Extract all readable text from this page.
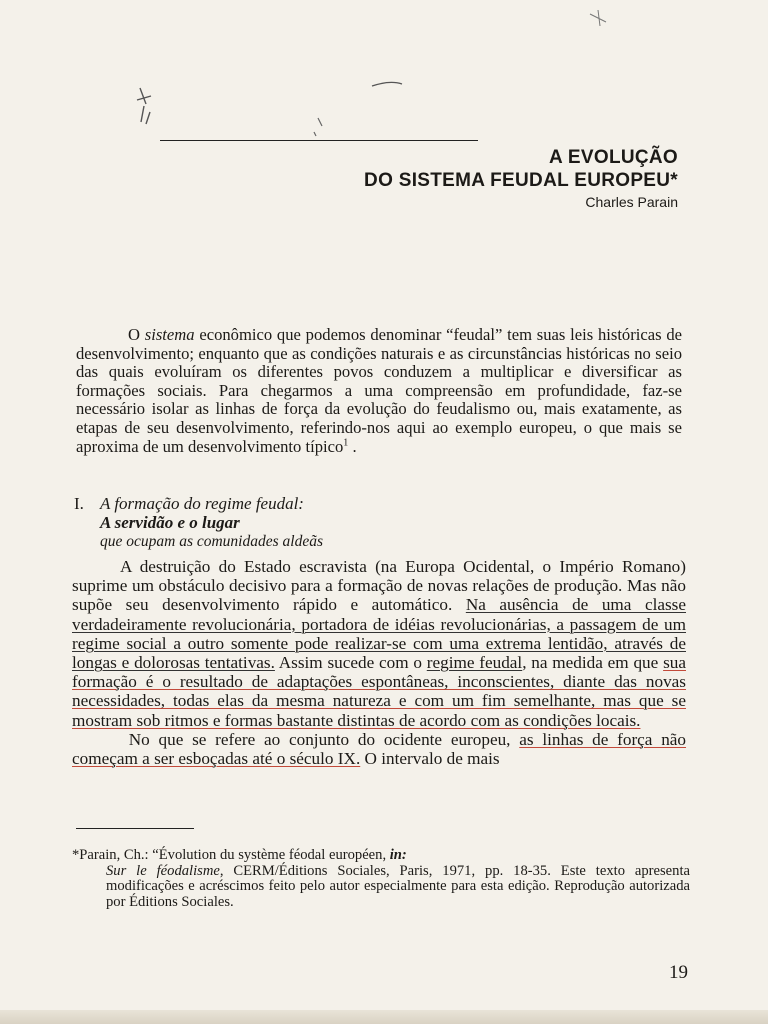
A EVOLUÇÃO
DO SISTEMA FEUDAL EUROPEU*
Charles Parain
O sistema econômico que podemos denominar “feudal” tem suas leis históricas de desenvolvimento; enquanto que as condições naturais e as circunstâncias históricas no seio das quais evoluíram os diferentes povos conduzem a multiplicar e diversificar as formações sociais. Para chegarmos a uma compreensão em profundidade, faz-se necessário isolar as linhas de força da evolução do feudalismo ou, mais exatamente, as etapas de seu desenvolvimento, referindo-nos aqui ao exemplo europeu, o que mais se aproxima de um desenvolvimento típico$^1$ .
I. A formação do regime feudal:
A servidão e o lugar
que ocupam as comunidades aldeãs
A destruição do Estado escravista (na Europa Ocidental, o Império Romano) suprime um obstáculo decisivo para a formação de novas relações de produção. Mas não supõe seu desenvolvimento rápido e automático. Na ausência de uma classe verdadeiramente revolucionária, portadora de idéias revolucionárias, a passagem de um regime social a outro somente pode realizar-se com uma extrema lentidão, através de longas e dolorosas tentativas. Assim sucede com o regime feudal, na medida em que sua formação é o resultado de adaptações espontâneas, inconscientes, diante das novas necessidades, todas elas da mesma natureza e com um fim semelhante, mas que se mostram sob ritmos e formas bastante distintas de acordo com as condições locais.
No que se refere ao conjunto do ocidente europeu, as linhas de força não começam a ser esboçadas até o século IX. O intervalo de mais
*Parain, Ch.: “Évolution du système féodal européen, in:
Sur le féodalisme, CERM/Éditions Sociales, Paris, 1971, pp. 18-35. Este texto apresenta modificações e acréscimos feito pelo autor especialmente para esta edição. Reprodução autorizada por Éditions Sociales.
19
